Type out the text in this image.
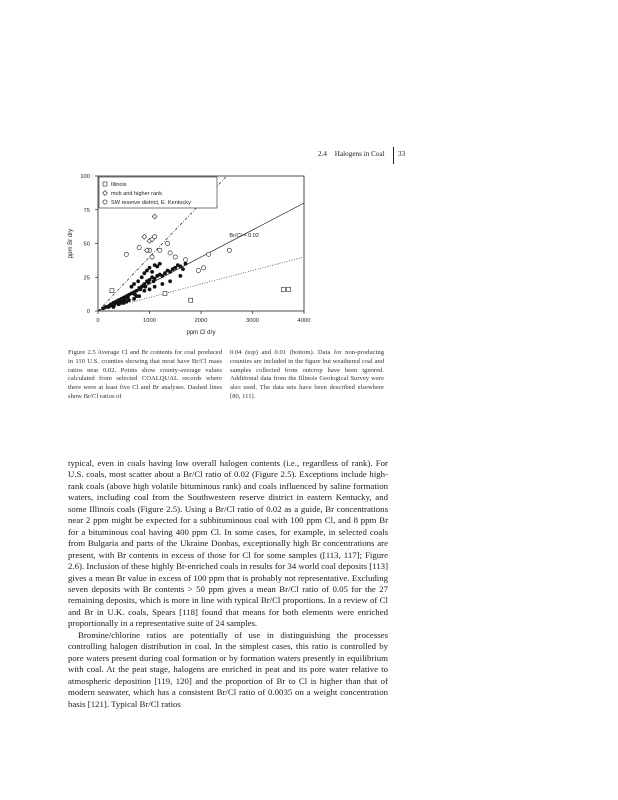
2.4 Halogens in Coal 33
0	1000	2000	3000	4000
0
25
50
75
100
Illinois
mvb and higher rank
SW reserve district, E. Kentucky
Br/Cl = 0.02
ppm Cl dry
ppm Br dry
Figure 2.5 Average Cl and Br contents for coal produced in 110 U.S. counties showing that most have Br/Cl mass ratios near 0.02. Points show county-average values calculated from selected COALQUAL records where there were at least five Cl and Br analyses. Dashed lines show Br/Cl ratios of
0.04 (top) and 0.01 (bottom). Data for non-producing counties are included in the figure but weathered coal and samples collected from outcrop have been ignored. Additional data from the Illinois Geological Survey were also used. The data sets have been described elsewhere [80, 111].

typical, even in coals having low overall halogen contents (i.e., regardless of rank). For U.S. coals, most scatter about a Br/Cl ratio of 0.02 (Figure 2.5). Exceptions include high-rank coals (above high volatile bituminous rank) and coals influenced by saline formation waters, including coal from the Southwestern reserve district in eastern Kentucky, and some Illinois coals (Figure 2.5). Using a Br/Cl ratio of 0.02 as a guide, Br concentrations near 2 ppm might be expected for a subbituminous coal with 100 ppm Cl, and 8 ppm Br for a bituminous coal having 400 ppm Cl. In some cases, for example, in selected coals from Bulgaria and parts of the Ukraine Donbas, exceptionally high Br concentrations are present, with Br contents in excess of those for Cl for some samples ([113, 117]; Figure 2.6). Inclusion of these highly Br-enriched coals in results for 34 world coal deposits [113] gives a mean Br value in excess of 100 ppm that is probably not representative. Excluding seven deposits with Br contents > 50 ppm gives a mean Br/Cl ratio of 0.05 for the 27 remaining deposits, which is more in line with typical Br/Cl proportions. In a review of Cl and Br in U.K. coals, Spears [118] found that means for both elements were enriched proportionally in a representative suite of 24 samples.

Bromine/chlorine ratios are potentially of use in distinguishing the processes controlling halogen distribution in coal. In the simplest cases, this ratio is controlled by pore waters present during coal formation or by formation waters presently in equilibrium with coal. At the peat stage, halogens are enriched in peat and its pore water relative to atmospheric deposition [119, 120] and the proportion of Br to Cl is higher than that of modern seawater, which has a consistent Br/Cl ratio of 0.0035 on a weight concentration basis [121]. Typical Br/Cl ratios
